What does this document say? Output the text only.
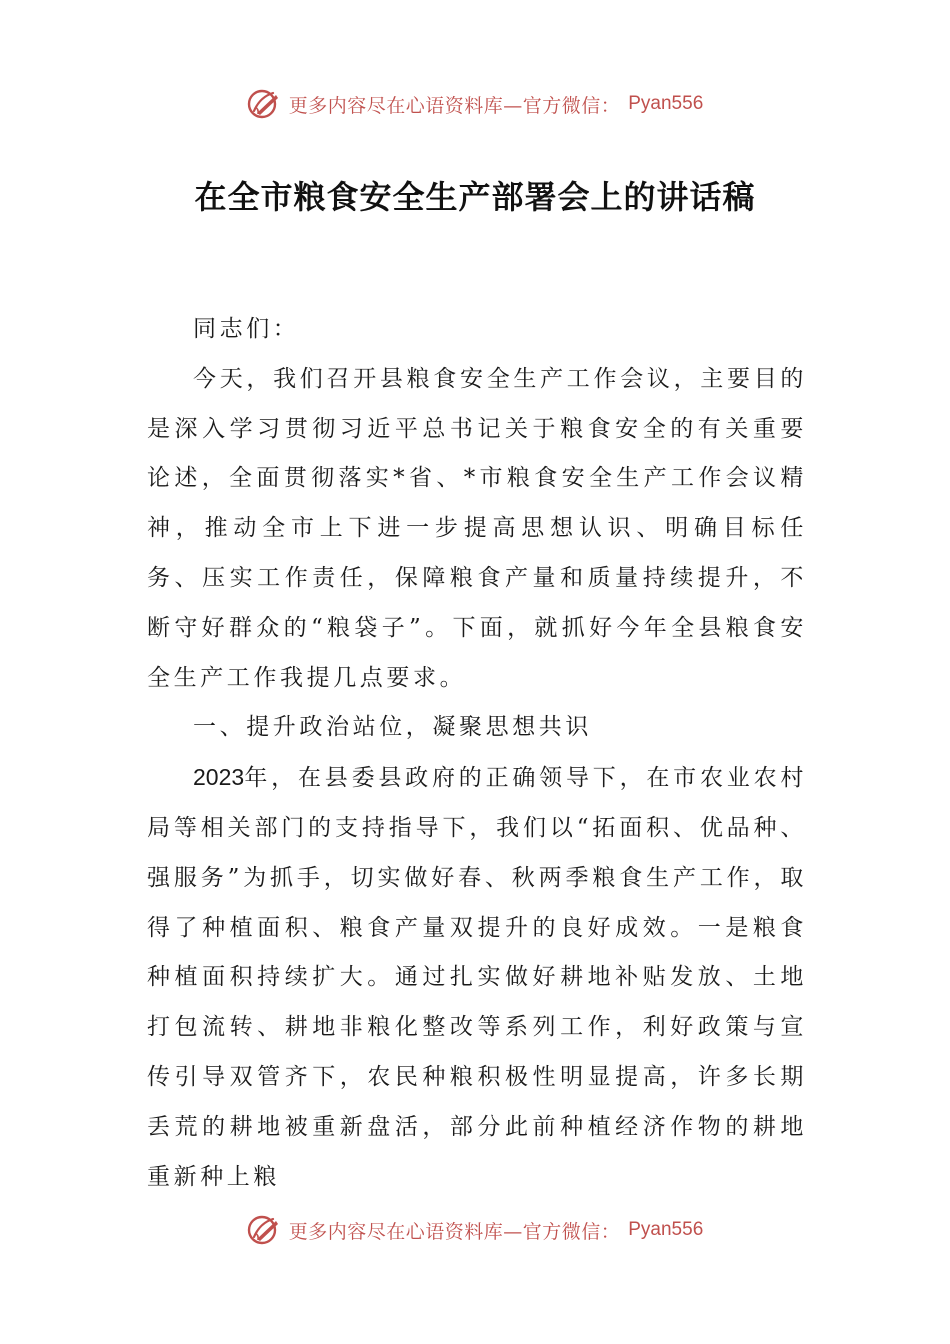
更多内容尽在心语资料库—官方微信： Pyan556
在全市粮食安全生产部署会上的讲话稿

同志们：

今天，我们召开县粮食安全生产工作会议，主要目的是深入学习贯彻习近平总书记关于粮食安全的有关重要论述，全面贯彻落实*省、*市粮食安全生产工作会议精神，推动全市上下进一步提高思想认识、明确目标任务、压实工作责任，保障粮食产量和质量持续提升，不断守好群众的“粮袋子”。下面，就抓好今年全县粮食安全生产工作我提几点要求。

一、提升政治站位，凝聚思想共识

2023年，在县委县政府的正确领导下，在市农业农村局等相关部门的支持指导下，我们以“拓面积、优品种、强服务”为抓手，切实做好春、秋两季粮食生产工作，取得了种植面积、粮食产量双提升的良好成效。一是粮食种植面积持续扩大。通过扎实做好耕地补贴发放、土地打包流转、耕地非粮化整改等系列工作，利好政策与宣传引导双管齐下，农民种粮积极性明显提高，许多长期丢荒的耕地被重新盘活，部分此前种植经济作物的耕地重新种上粮

更多内容尽在心语资料库—官方微信： Pyan556
